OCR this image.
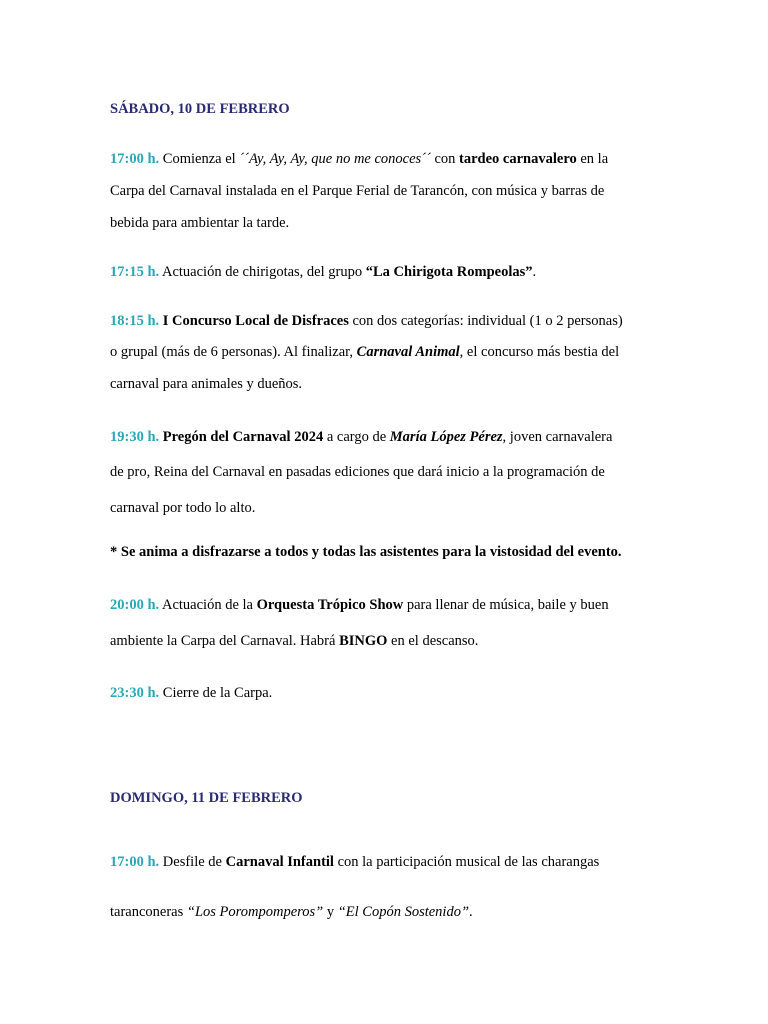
SÁBADO, 10 DE FEBRERO
17:00 h. Comienza el ´´Ay, Ay, Ay, que no me conoces´´ con tardeo carnavalero en la
Carpa del Carnaval instalada en el Parque Ferial de Tarancón, con música y barras de
bebida para ambientar la tarde.
17:15 h. Actuación de chirigotas, del grupo “La Chirigota Rompeolas”.
18:15 h. I Concurso Local de Disfraces con dos categorías: individual (1 o 2 personas)
o grupal (más de 6 personas). Al finalizar, Carnaval Animal, el concurso más bestia del
carnaval para animales y dueños.
19:30 h. Pregón del Carnaval 2024 a cargo de María López Pérez, joven carnavalera
de pro, Reina del Carnaval en pasadas ediciones que dará inicio a la programación de
carnaval por todo lo alto.
* Se anima a disfrazarse a todos y todas las asistentes para la vistosidad del evento.
20:00 h. Actuación de la Orquesta Trópico Show para llenar de música, baile y buen
ambiente la Carpa del Carnaval. Habrá BINGO en el descanso.
23:30 h. Cierre de la Carpa.
DOMINGO, 11 DE FEBRERO
17:00 h. Desfile de Carnaval Infantil con la participación musical de las charangas
taranconeras “Los Porompomperos” y “El Copón Sostenido”.
